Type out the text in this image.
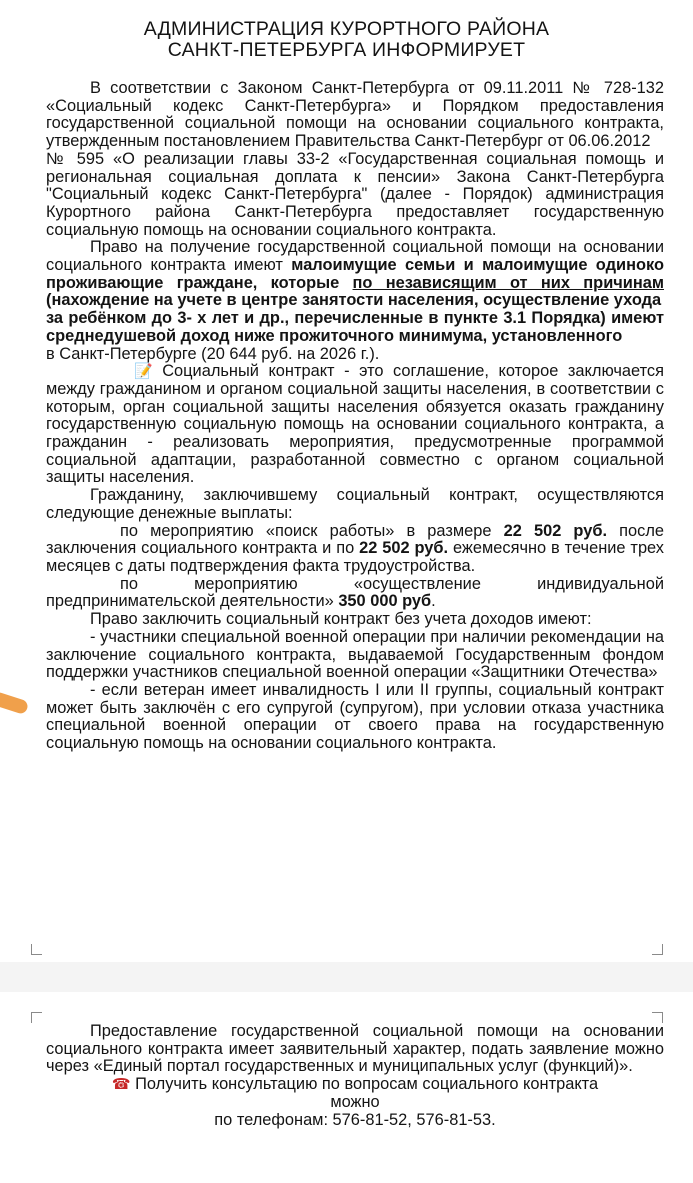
АДМИНИСТРАЦИЯ КУРОРТНОГО РАЙОНА
САНКТ-ПЕТЕРБУРГА ИНФОРМИРУЕТ

В соответствии с Законом Санкт-Петербурга от 09.11.2011 № 728-132 «Социальный кодекс Санкт-Петербурга» и Порядком предоставления государственной социальной помощи на основании социального контракта, утвержденным постановлением Правительства Санкт-Петербург от 06.06.2012

№ 595 «О реализации главы 33-2 «Государственная социальная помощь и региональная социальная доплата к пенсии» Закона Санкт-Петербурга "Социальный кодекс Санкт-Петербурга" (далее - Порядок) администрация Курортного района Санкт-Петербурга предоставляет государственную социальную помощь на основании социального контракта.

Право на получение государственной социальной помощи на основании социального контракта имеют малоимущие семьи и малоимущие одиноко проживающие граждане, которые по независящим от них причинам (нахождение на учете в центре занятости населения, осуществление ухода
за ребёнком до 3- х лет и др., перечисленные в пункте 3.1 Порядка) имеют среднедушевой доход ниже прожиточного минимума, установленного
в Санкт-Петербурге (20 644 руб. на 2026 г.).

📝 Социальный контракт - это соглашение, которое заключается между гражданином и органом социальной защиты населения, в соответствии с которым, орган социальной защиты населения обязуется оказать гражданину государственную социальную помощь на основании социального контракта, а гражданин - реализовать мероприятия, предусмотренные программой социальной адаптации, разработанной совместно с органом социальной защиты населения.

Гражданину, заключившему социальный контракт, осуществляются следующие денежные выплаты:

по мероприятию «поиск работы» в размере 22 502 руб. после заключения социального контракта и по 22 502 руб. ежемесячно в течение трех месяцев с даты подтверждения факта трудоустройства.

по мероприятию «осуществление индивидуальной предпринимательской деятельности» 350 000 руб.

Право заключить социальный контракт без учета доходов имеют:

- участники специальной военной операции при наличии рекомендации на заключение социального контракта, выдаваемой Государственным фондом поддержки участников специальной военной операции «Защитники Отечества»

- если ветеран имеет инвалидность I или II группы, социальный контракт может быть заключён с его супругой (супругом), при условии отказа участника специальной военной операции от своего права на государственную социальную помощь на основании социального контракта.

Предоставление государственной социальной помощи на основании социального контракта имеет заявительный характер, подать заявление можно через «Единый портал государственных и муниципальных услуг (функций)».

☎ Получить консультацию по вопросам социального контракта
можно
по телефонам: 576-81-52, 576-81-53.
